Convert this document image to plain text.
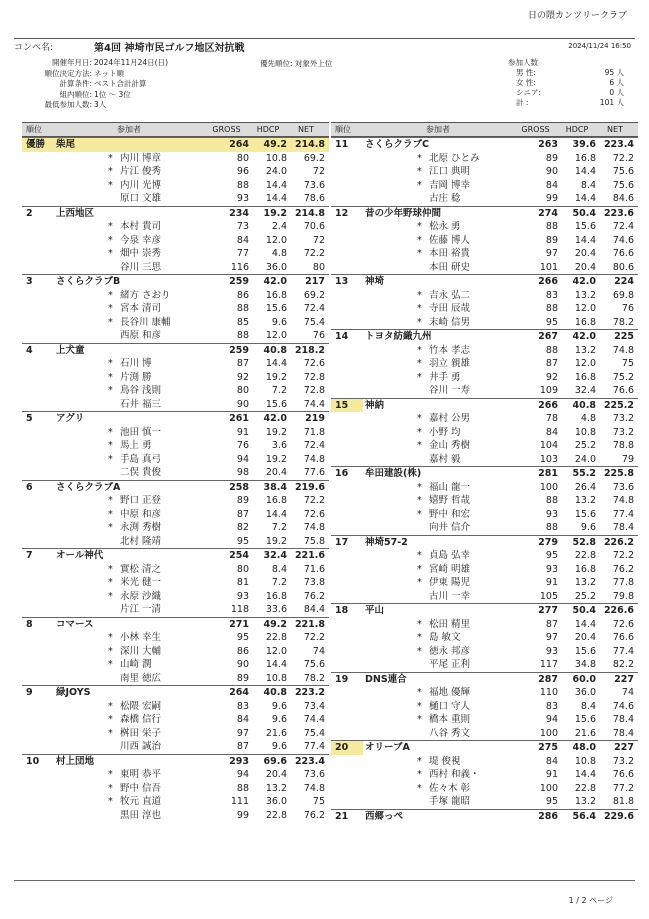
日の隈カンツリークラブ
コンペ名:	第4回 神埼市民ゴルフ地区対抗戦	2024/11/24 16:50
開催年月日: 2024年11月24日(日)
順位決定方法: ネット順
計算条件: ベスト合計計算
組内順位: 1位 ～ 3位
最低参加人数: 3人
優先順位: 対象外上位	参加人数
男 性:	95 人
女 性:	6 人
シニア:	0 人
計 :	101 人
順位	参加者	GROSS	HDCP	NET
優勝	柴尾	264	49.2 214.8
* 内川 博章	80	10.8	69.2
* 片江 俊秀	96	24.0	72
* 内川 光博	88	14.4	73.6
原口 文雄	93	14.4	78.6
2	上西地区	234	19.2 214.8
* 本村 貴司	73	2.4	70.6
* 今泉 幸彦	84	12.0	72
* 畑中 崇秀	77	4.8	72.2
谷川 三思	116	36.0	80
3	さくらクラブB	259	42.0	217
* 緒方 さおり	86	16.8	69.2
* 宮本 清司	88	15.6	72.4
* 長谷川 康輔	85	9.6	75.4
西原 和彦	88	12.0	76
4	上犬童	259	40.8 218.2
* 石川 博	87	14.4	72.6
* 片渕 勝	92	19.2	72.8
* 鳥谷 浅則	80	7.2	72.8
石井 福三	90	15.6	74.4
5	アグリ	261	42.0	219
* 池田 慎一	91	19.2	71.8
* 馬上 勇	76	3.6	72.4
* 手島 真弓	94	19.2	74.8
二俣 貴俊	98	20.4	77.6
6	さくらクラブA	258	38.4 219.6
* 野口 正登	89	16.8	72.2
* 中原 和彦	87	14.4	72.6
* 永渕 秀樹	82	7.2	74.8
北村 隆靖	95	19.2	75.8
7	オール神代	254	32.4 221.6
* 實松 清之	80	8.4	71.6
* 米光 健一	81	7.2	73.8
* 永原 沙織	93	16.8	76.2
片江 一清	118	33.6	84.4
8	コマース	271	49.2 221.8
* 小林 幸生	95	22.8	72.2
* 深川 大輔	86	12.0	74
* 山崎 潤	90	14.4	75.6
南里 徳広	89	10.8	78.2
9	緑JOYS	264	40.8 223.2
* 松隈 宏嗣	83	9.6	73.4
* 森橋 信行	84	9.6	74.4
* 桝田 栄子	97	21.6	75.4
川西 誠治	87	9.6	77.4
10	村上団地	293	69.6 223.4
* 東明 恭平	94	20.4	73.6
* 野中 信吾	88	13.2	74.8
* 牧元 直道	111	36.0	75
黒田 淳也	99	22.8	76.2
順位	参加者	GROSS	HDCP	NET
11	さくらクラブC	263	39.6 223.4
* 北原 ひとみ	89	16.8	72.2
* 江口 典明	90	14.4	75.6
* 吉岡 博幸	84	8.4	75.6
古庄 稔	99	14.4	84.6
12	昔の少年野球仲間	274	50.4 223.6
* 松永 勇	88	15.6	72.4
* 佐藤 博人	89	14.4	74.6
* 本田 裕貴	97	20.4	76.6
本田 研史	101	20.4	80.6
13	神埼	266	42.0	224
* 吉永 弘二	83	13.2	69.8
* 寺田 辰哉	88	12.0	76
* 末崎 信男	95	16.8	78.2
14	トヨタ紡織九州	267	42.0	225
* 竹本 孝志	88	13.2	74.8
* 羽立 親雄	87	12.0	75
* 井手 勇	92	16.8	75.2
谷川 一寿	109	32.4	76.6
15	神納	266	40.8 225.2
* 嘉村 公男	78	4.8	73.2
* 小野 均	84	10.8	73.2
* 金山 秀樹	104	25.2	78.8
嘉村 毅	103	24.0	79
16	牟田建設(株)	281	55.2 225.8
* 福山 龍一	100	26.4	73.6
* 嬉野 哲哉	88	13.2	74.8
* 野中 和宏	93	15.6	77.4
向井 信介	88	9.6	78.4
17	神埼57-2	279	52.8 226.2
* 貞島 弘幸	95	22.8	72.2
* 宮崎 明雄	93	16.8	76.2
* 伊東 陽児	91	13.2	77.8
古川 一幸	105	25.2	79.8
18	平山	277	50.4 226.6
* 松田 精里	87	14.4	72.6
* 島 敏文	97	20.4	76.6
* 徳永 邦彦	93	15.6	77.4
平尾 正利	117	34.8	82.2
19	DNS連合	287	60.0	227
* 福地 優輝	110	36.0	74
* 樋口 守人	83	8.4	74.6
* 橋本 重則	94	15.6	78.4
八谷 秀文	100	21.6	78.4
20	オリーブA	275	48.0	227
* 堤 俊視	84	10.8	73.2
* 西村 和義・	91	14.4	76.6
* 佐々木 彰	100	22.8	77.2
手塚 龍昭	95	13.2	81.8
21	西郷っぺ	286	56.4 229.6
1 / 2 ページ
